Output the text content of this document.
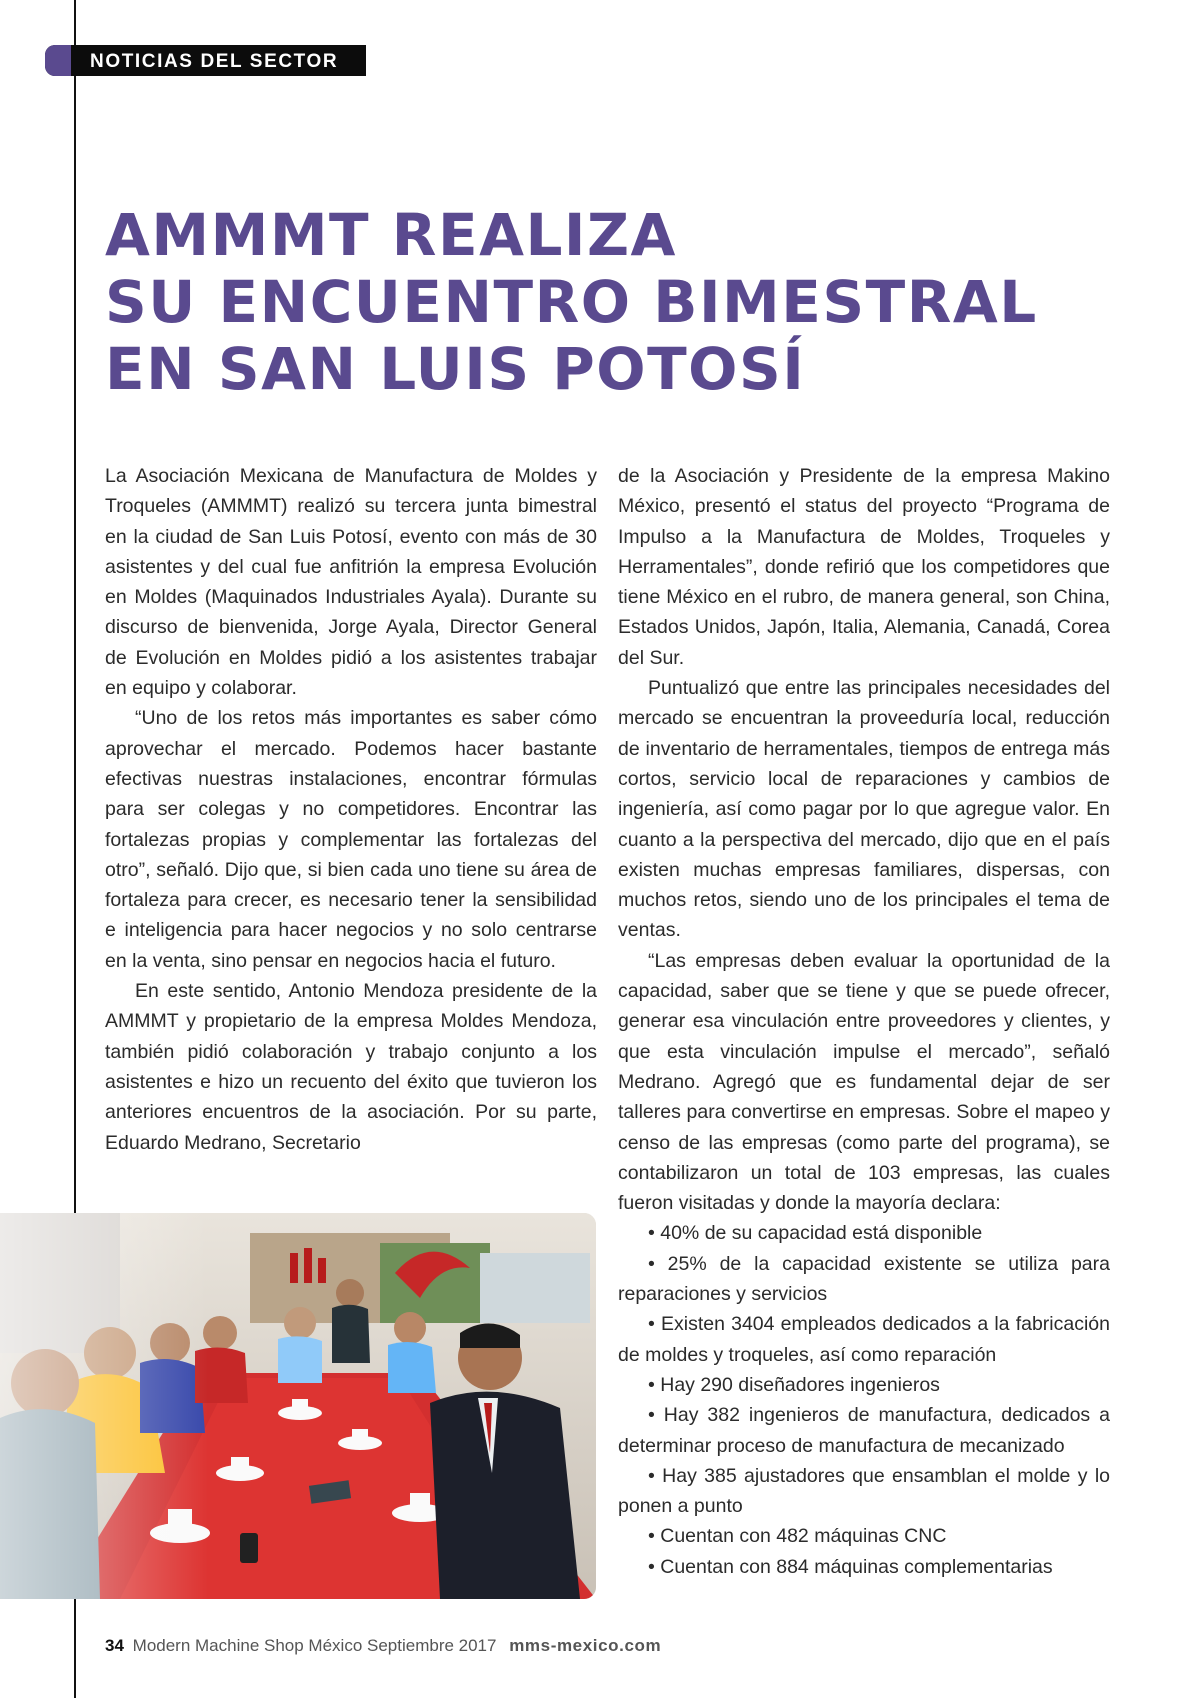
NOTICIAS DEL SECTOR
AMMMT REALIZA
SU ENCUENTRO BIMESTRAL
EN SAN LUIS POTOSÍ

La Asociación Mexicana de Manufactura de Moldes y Troqueles (AMMMT) realizó su tercera junta bimestral en la ciudad de San Luis Potosí, evento con más de 30 asistentes y del cual fue anfitrión la empresa Evolución en Moldes (Maquinados Industriales Ayala). Durante su discurso de bienvenida, Jorge Ayala, Director General de Evolución en Moldes pidió a los asistentes trabajar en equipo y colaborar.

“Uno de los retos más importantes es saber cómo aprovechar el mercado. Podemos hacer bastante efectivas nuestras instalaciones, encontrar fórmulas para ser colegas y no competidores. Encontrar las fortalezas propias y complementar las fortalezas del otro”, señaló. Dijo que, si bien cada uno tiene su área de fortaleza para crecer, es necesario tener la sensibilidad e inteligencia para hacer negocios y no solo centrarse en la venta, sino pensar en negocios hacia el futuro.

En este sentido, Antonio Mendoza presidente de la AMMMT y propietario de la empresa Moldes Mendoza, también pidió colaboración y trabajo conjunto a los asistentes e hizo un recuento del éxito que tuvieron los anteriores encuentros de la asociación. Por su parte, Eduardo Medrano, Secretario

de la Asociación y Presidente de la empresa Makino México, presentó el status del proyecto “Programa de Impulso a la Manufactura de Moldes, Troqueles y Herramentales”, donde refirió que los competidores que tiene México en el rubro, de manera general, son China, Estados Unidos, Japón, Italia, Alemania, Canadá, Corea del Sur.

Puntualizó que entre las principales necesidades del mercado se encuentran la proveeduría local, reducción de inventario de herramentales, tiempos de entrega más cortos, servicio local de reparaciones y cambios de ingeniería, así como pagar por lo que agregue valor. En cuanto a la perspectiva del mercado, dijo que en el país existen muchas empresas familiares, dispersas, con muchos retos, siendo uno de los principales el tema de ventas.

“Las empresas deben evaluar la oportunidad de la capacidad, saber que se tiene y que se puede ofrecer, generar esa vinculación entre proveedores y clientes, y que esta vinculación impulse el mercado”, señaló Medrano. Agregó que es fundamental dejar de ser talleres para convertirse en empresas. Sobre el mapeo y censo de las empresas (como parte del programa), se contabilizaron un total de 103 empresas, las cuales fueron visitadas y donde la mayoría declara:

• 40% de su capacidad está disponible

• 25% de la capacidad existente se utiliza para reparaciones y servicios

• Existen 3404 empleados dedicados a la fabricación de moldes y troqueles, así como reparación

• Hay 290 diseñadores ingenieros

• Hay 382 ingenieros de manufactura, dedicados a determinar proceso de manufactura de mecanizado

• Hay 385 ajustadores que ensamblan el molde y lo ponen a punto

• Cuentan con 482 máquinas CNC

• Cuentan con 884 máquinas complementarias

34 Modern Machine Shop México Septiembre 2017 mms-mexico.com
